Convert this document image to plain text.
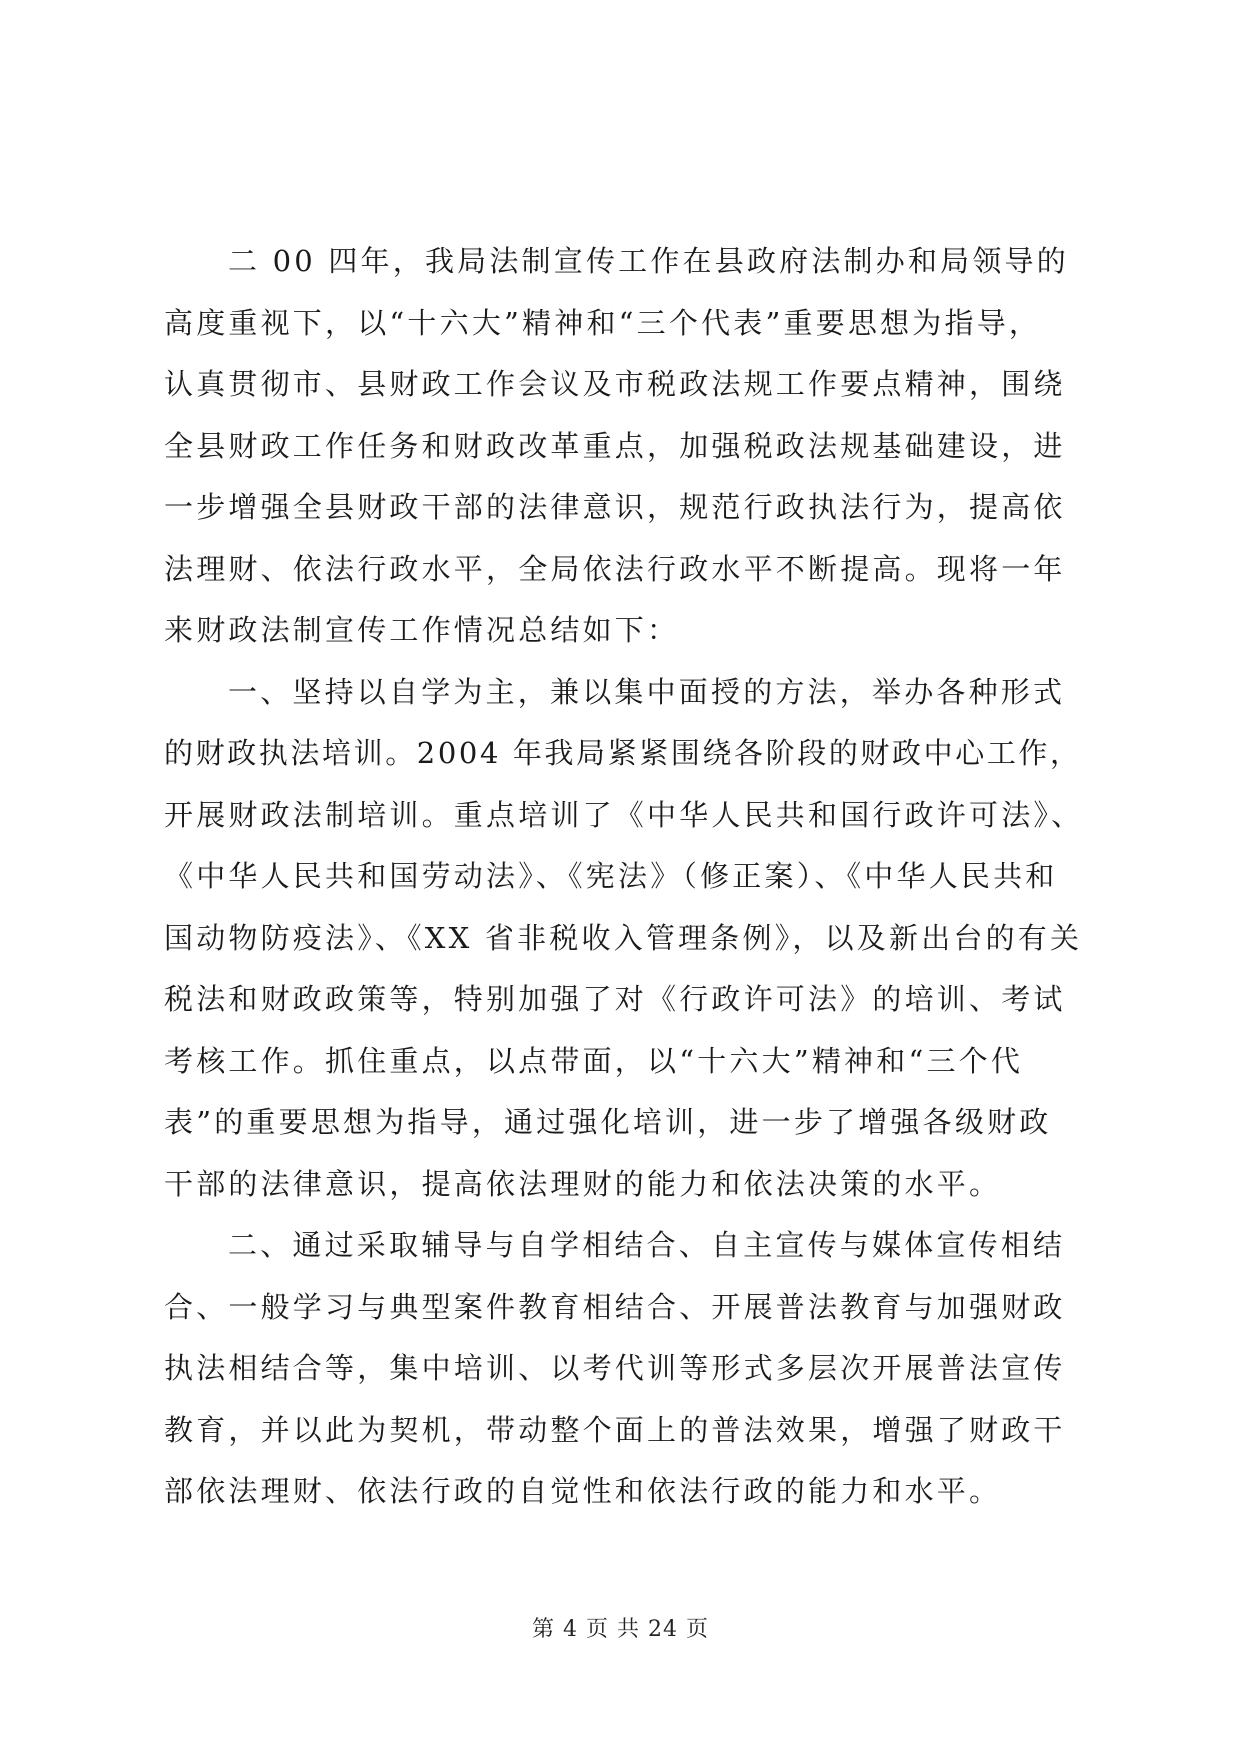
二 00 四年，我局法制宣传工作在县政府法制办和局领导的
高度重视下，以“十六大”精神和“三个代表”重要思想为指导，
认真贯彻市、县财政工作会议及市税政法规工作要点精神，围绕
全县财政工作任务和财政改革重点，加强税政法规基础建设，进
一步增强全县财政干部的法律意识，规范行政执法行为，提高依
法理财、依法行政水平，全局依法行政水平不断提高。现将一年
来财政法制宣传工作情况总结如下：
一、坚持以自学为主，兼以集中面授的方法，举办各种形式
的财政执法培训。2004 年我局紧紧围绕各阶段的财政中心工作，
开展财政法制培训。重点培训了《中华人民共和国行政许可法》、
《中华人民共和国劳动法》、《宪法》（修正案）、《中华人民共和
国动物防疫法》、《XX 省非税收入管理条例》，以及新出台的有关
税法和财政政策等，特别加强了对《行政许可法》的培训、考试
考核工作。抓住重点，以点带面，以“十六大”精神和“三个代
表”的重要思想为指导，通过强化培训，进一步了增强各级财政
干部的法律意识，提高依法理财的能力和依法决策的水平。
二、通过采取辅导与自学相结合、自主宣传与媒体宣传相结
合、一般学习与典型案件教育相结合、开展普法教育与加强财政
执法相结合等，集中培训、以考代训等形式多层次开展普法宣传
教育，并以此为契机，带动整个面上的普法效果，增强了财政干
部依法理财、依法行政的自觉性和依法行政的能力和水平。
第 4 页 共 24 页
